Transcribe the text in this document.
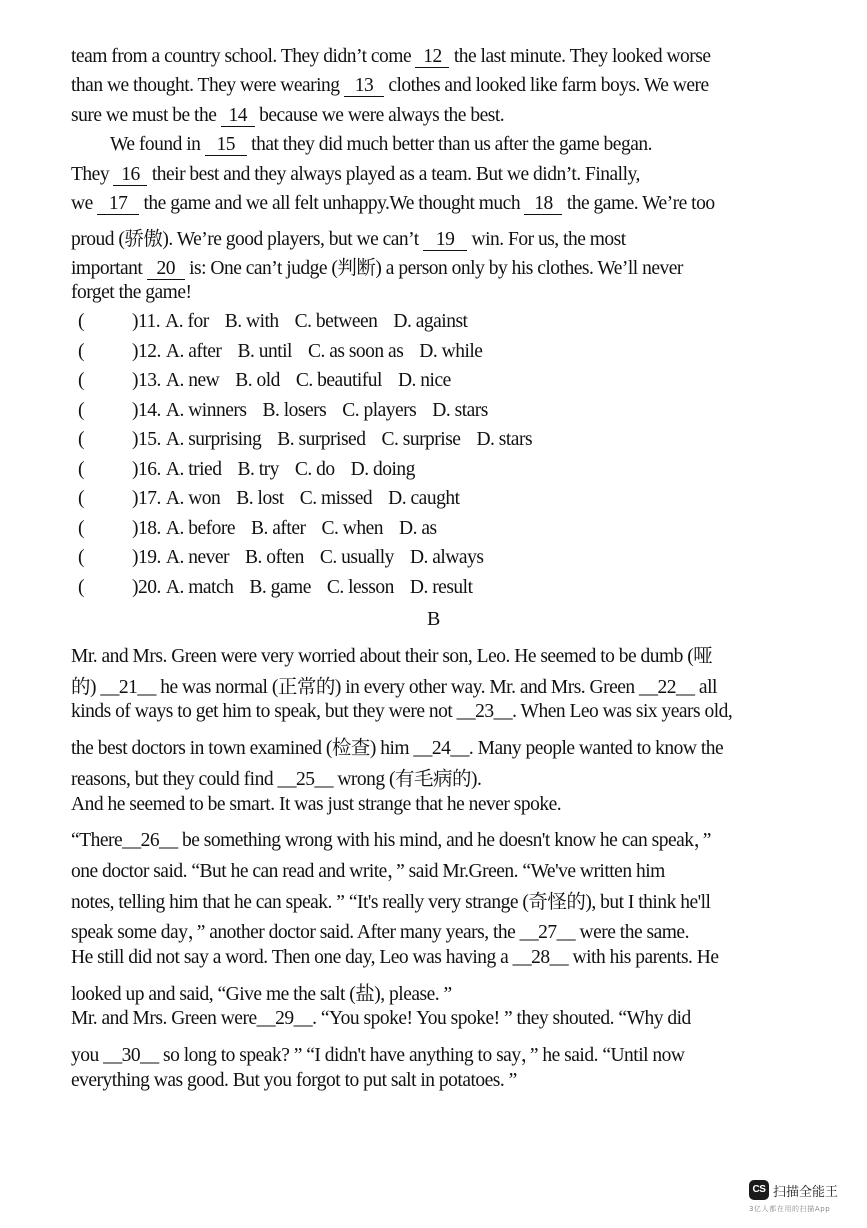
team from a country school. They didn’t come 12 the last minute. They looked worse
than we thought. They were wearing 13 clothes and looked like farm boys. We were
sure we must be the 14 because we were always the best.
We found in 15 that they did much better than us after the game began.
They 16 their best and they always played as a team. But we didn’t. Finally,
we 17 the game and we all felt unhappy.We thought much 18 the game. We’re too
proud (骄傲). We’re good players, but we can’t 19 win. For us, the most
important 20 is: One can’t judge (判断) a person only by his clothes. We’ll never
forget the game!
( )11. A. for B. with C. between D. against
( )12. A. after B. until C. as soon as D. while
( )13. A. new B. old C. beautiful D. nice
( )14. A. winners B. losers C. players D. stars
( )15. A. surprising B. surprised C. surprise D. stars
( )16. A. tried B. try C. do D. doing
( )17. A. won B. lost C. missed D. caught
( )18. A. before B. after C. when D. as
( )19. A. never B. often C. usually D. always
( )20. A. match B. game C. lesson D. result
B
Mr. and Mrs. Green were very worried about their son, Leo. He seemed to be dumb (哑
的) __21__ he was normal (正常的) in every other way. Mr. and Mrs. Green __22__ all
kinds of ways to get him to speak, but they were not __23__. When Leo was six years old,
the best doctors in town examined (检查) him __24__. Many people wanted to know the
reasons, but they could find __25__ wrong (有毛病的).
And he seemed to be smart. It was just strange that he never spoke.
“There__26__ be something wrong with his mind, and he doesn't know he can speak，”
one doctor said. “But he can read and write，” said Mr.Green. “We've written him
notes, telling him that he can speak. ” “It's really very strange (奇怪的), but I think he'll
speak some day，” another doctor said. After many years, the __27__ were the same.
He still did not say a word. Then one day, Leo was having a __28__ with his parents. He
looked up and said, “Give me the salt (盐), please. ”
Mr. and Mrs. Green were__29__. “You spoke! You spoke! ” they shouted. “Why did
you __30__ so long to speak? ” “I didn't have anything to say，” he said. “Until now
everything was good. But you forgot to put salt in potatoes. ”
CS 扫描全能王
3亿人都在用的扫描App
